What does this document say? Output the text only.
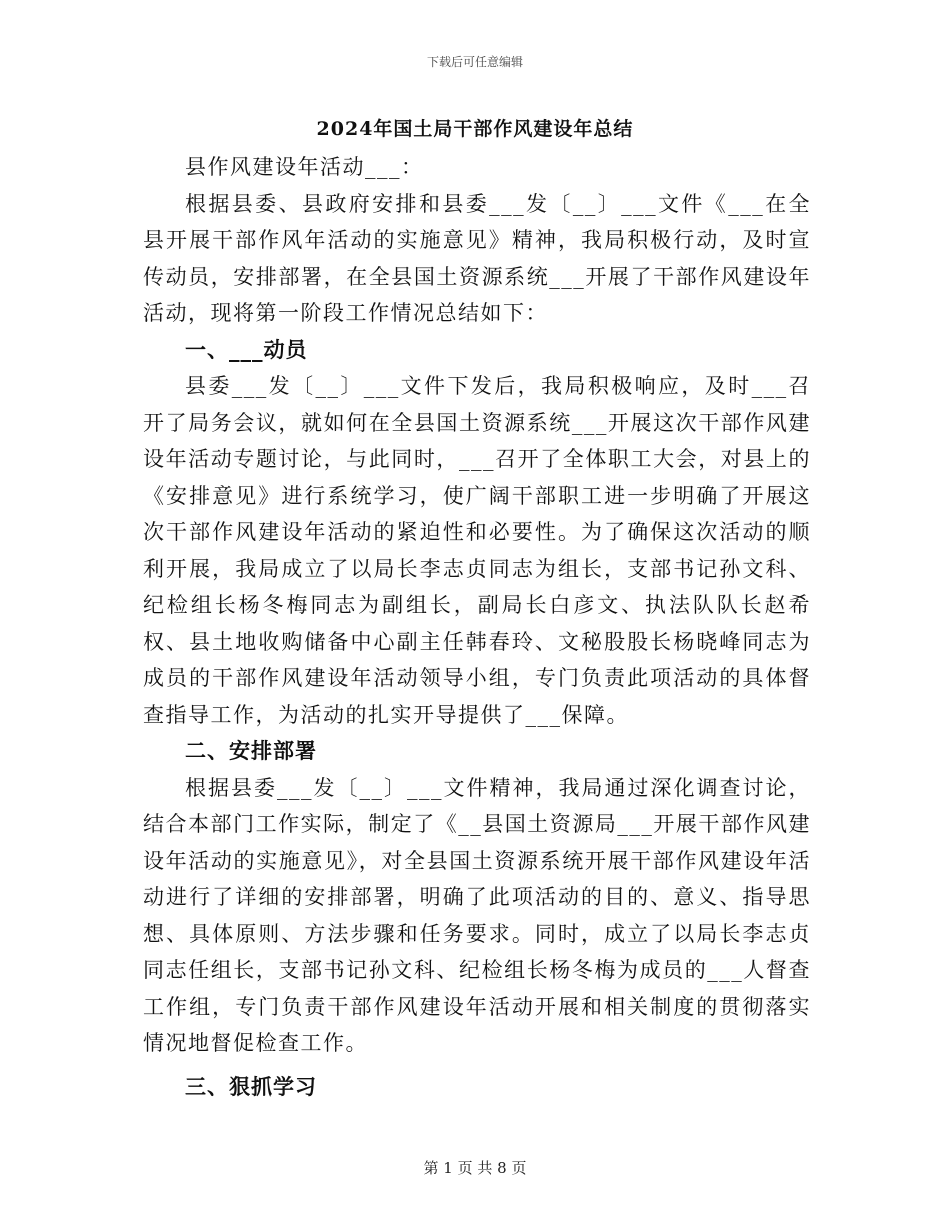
下载后可任意编辑
2024年国土局干部作风建设年总结

县作风建设年活动___：

根据县委、县政府安排和县委___发〔__〕___文件《___在全县开展干部作风年活动的实施意见》精神，我局积极行动，及时宣传动员，安排部署，在全县国土资源系统___开展了干部作风建设年活动，现将第一阶段工作情况总结如下：

一、___动员

县委___发〔__〕___文件下发后，我局积极响应，及时___召开了局务会议，就如何在全县国土资源系统___开展这次干部作风建设年活动专题讨论，与此同时，___召开了全体职工大会，对县上的《安排意见》进行系统学习，使广阔干部职工进一步明确了开展这次干部作风建设年活动的紧迫性和必要性。为了确保这次活动的顺利开展，我局成立了以局长李志贞同志为组长，支部书记孙文科、纪检组长杨冬梅同志为副组长，副局长白彦文、执法队队长赵希权、县土地收购储备中心副主任韩春玲、文秘股股长杨晓峰同志为成员的干部作风建设年活动领导小组，专门负责此项活动的具体督查指导工作，为活动的扎实开导提供了___保障。

二、安排部署

根据县委___发〔__〕___文件精神，我局通过深化调查讨论，结合本部门工作实际，制定了《__县国土资源局___开展干部作风建设年活动的实施意见》，对全县国土资源系统开展干部作风建设年活动进行了详细的安排部署，明确了此项活动的目的、意义、指导思想、具体原则、方法步骤和任务要求。同时，成立了以局长李志贞同志任组长，支部书记孙文科、纪检组长杨冬梅为成员的___人督查工作组，专门负责干部作风建设年活动开展和相关制度的贯彻落实情况地督促检查工作。

三、狠抓学习

第 1 页 共 8 页
